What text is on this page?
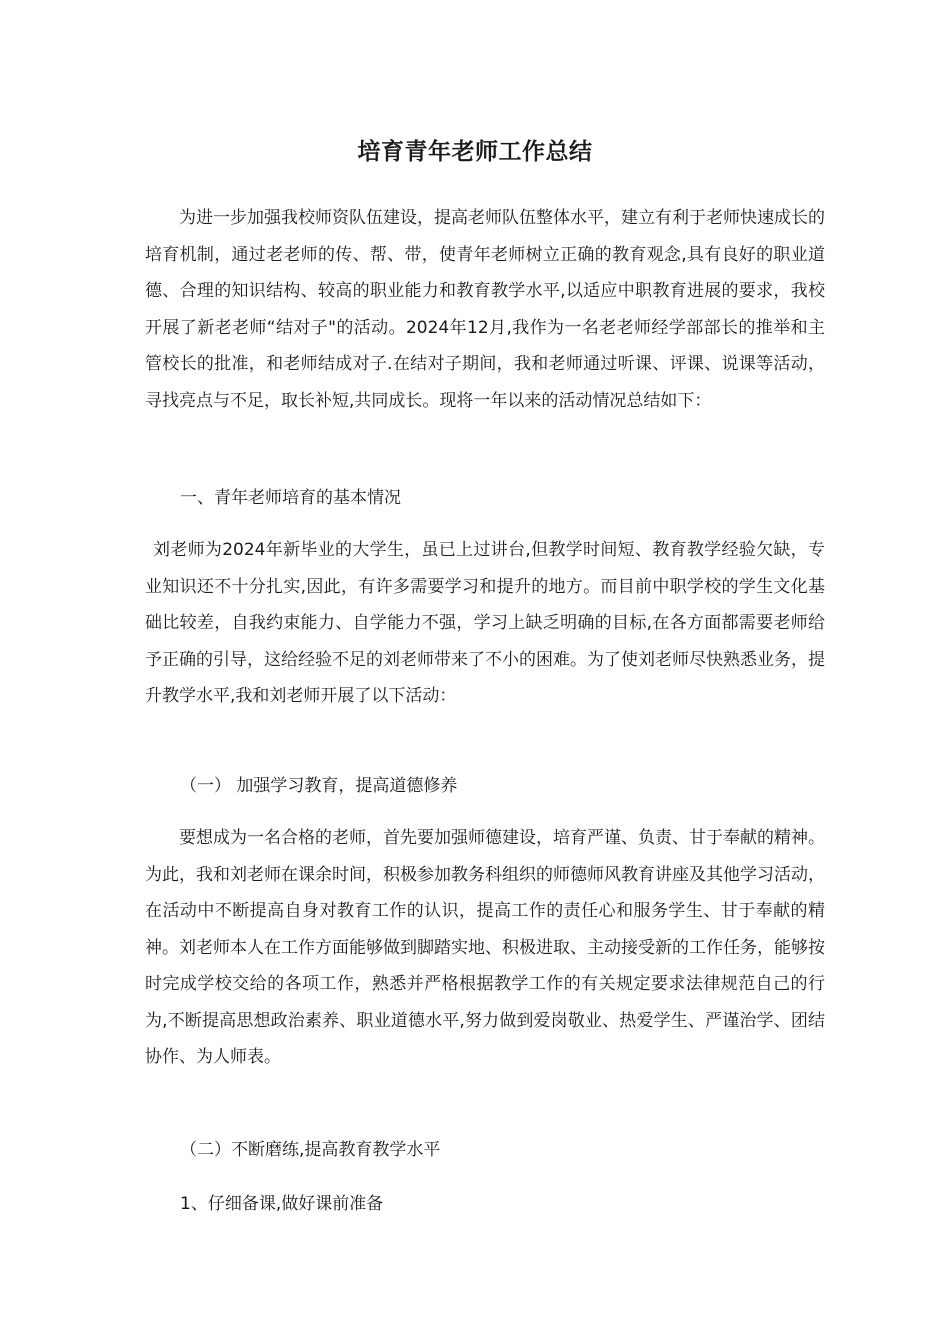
培育青年老师工作总结
为进一步加强我校师资队伍建设，提高老师队伍整体水平，建立有利于老师快速成长的培育机制，通过老老师的传、帮、带，使青年老师树立正确的教育观念,具有良好的职业道德、合理的知识结构、较高的职业能力和教育教学水平,以适应中职教育进展的要求，我校开展了新老老师“结对子"的活动。2024年12月,我作为一名老老师经学部部长的推举和主管校长的批准，和老师结成对子.在结对子期间，我和老师通过听课、评课、说课等活动，寻找亮点与不足，取长补短,共同成长。现将一年以来的活动情况总结如下：
一、青年老师培育的基本情况
刘老师为2024年新毕业的大学生，虽已上过讲台,但教学时间短、教育教学经验欠缺，专业知识还不十分扎实,因此，有许多需要学习和提升的地方。而目前中职学校的学生文化基础比较差，自我约束能力、自学能力不强，学习上缺乏明确的目标,在各方面都需要老师给予正确的引导，这给经验不足的刘老师带来了不小的困难。为了使刘老师尽快熟悉业务，提升教学水平,我和刘老师开展了以下活动：
（一） 加强学习教育，提高道德修养
要想成为一名合格的老师，首先要加强师德建设，培育严谨、负责、甘于奉献的精神。为此，我和刘老师在课余时间，积极参加教务科组织的师德师风教育讲座及其他学习活动，在活动中不断提高自身对教育工作的认识，提高工作的责任心和服务学生、甘于奉献的精神。刘老师本人在工作方面能够做到脚踏实地、积极进取、主动接受新的工作任务，能够按时完成学校交给的各项工作，熟悉并严格根据教学工作的有关规定要求法律规范自己的行为,不断提高思想政治素养、职业道德水平,努力做到爱岗敬业、热爱学生、严谨治学、团结协作、为人师表。
（二）不断磨练,提高教育教学水平
1、仔细备课,做好课前准备
